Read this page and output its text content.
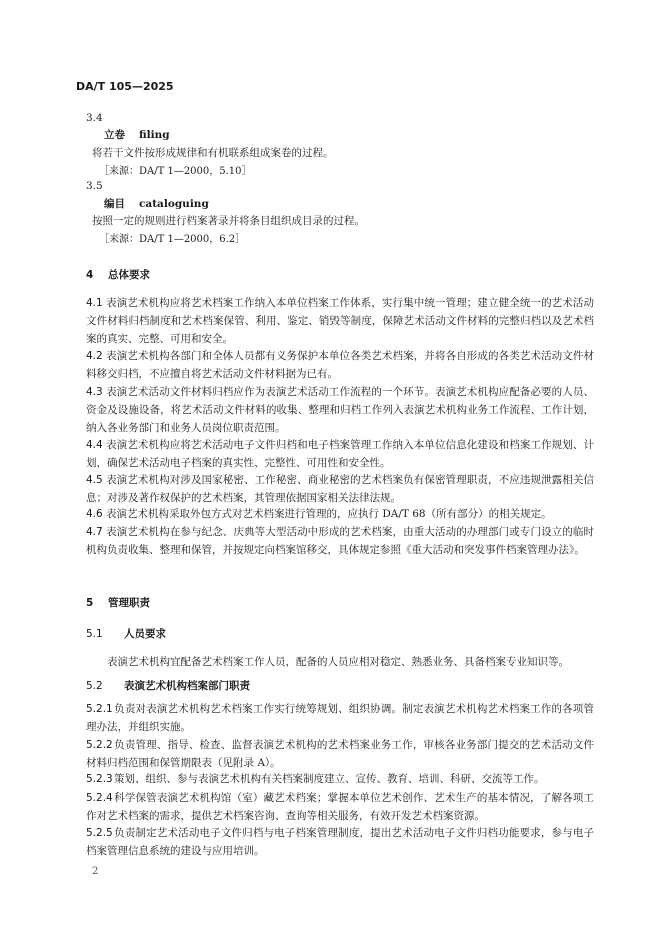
DA/T 105—2025
3.4
立卷 filing
将若干文件按形成规律和有机联系组成案卷的过程。
［来源：DA/T 1—2000，5.10］
3.5
编目 cataloguing
按照一定的规则进行档案著录并将条目组织成目录的过程。
［来源：DA/T 1—2000，6.2］
4 总体要求
4.1 表演艺术机构应将艺术档案工作纳入本单位档案工作体系，实行集中统一管理；建立健全统一的艺术活动文件材料归档制度和艺术档案保管、利用、鉴定、销毁等制度，保障艺术活动文件材料的完整归档以及艺术档案的真实、完整、可用和安全。
4.2 表演艺术机构各部门和全体人员都有义务保护本单位各类艺术档案，并将各自形成的各类艺术活动文件材料移交归档，不应擅自将艺术活动文件材料据为已有。
4.3 表演艺术活动文件材料归档应作为表演艺术活动工作流程的一个环节。表演艺术机构应配备必要的人员、资金及设施设备，将艺术活动文件材料的收集、整理和归档工作列入表演艺术机构业务工作流程、工作计划，纳入各业务部门和业务人员岗位职责范围。
4.4 表演艺术机构应将艺术活动电子文件归档和电子档案管理工作纳入本单位信息化建设和档案工作规划、计划，确保艺术活动电子档案的真实性、完整性、可用性和安全性。
4.5 表演艺术机构对涉及国家秘密、工作秘密、商业秘密的艺术档案负有保密管理职责，不应违规泄露相关信息；对涉及著作权保护的艺术档案，其管理依据国家相关法律法规。
4.6 表演艺术机构采取外包方式对艺术档案进行管理的，应执行 DA/T 68（所有部分）的相关规定。
4.7 表演艺术机构在参与纪念、庆典等大型活动中形成的艺术档案，由重大活动的办理部门或专门设立的临时机构负责收集、整理和保管，并按规定向档案馆移交，具体规定参照《重大活动和突发事件档案管理办法》。
5 管理职责
5.1 人员要求
表演艺术机构宜配备艺术档案工作人员，配备的人员应相对稳定、熟悉业务、具备档案专业知识等。
5.2 表演艺术机构档案部门职责
5.2.1负责对表演艺术机构艺术档案工作实行统筹规划、组织协调。制定表演艺术机构艺术档案工作的各项管理办法，并组织实施。
5.2.2负责管理、指导、检查、监督表演艺术机构的艺术档案业务工作，审核各业务部门提交的艺术活动文件材料归档范围和保管期限表（见附录 A）。
5.2.3策划、组织、参与表演艺术机构有关档案制度建立、宣传、教育、培训、科研、交流等工作。
5.2.4科学保管表演艺术机构馆（室）藏艺术档案；掌握本单位艺术创作、艺术生产的基本情况，了解各项工作对艺术档案的需求，提供艺术档案咨询、查询等相关服务，有效开发艺术档案资源。
5.2.5负责制定艺术活动电子文件归档与电子档案管理制度，提出艺术活动电子文件归档功能要求，参与电子档案管理信息系统的建设与应用培训。
2
